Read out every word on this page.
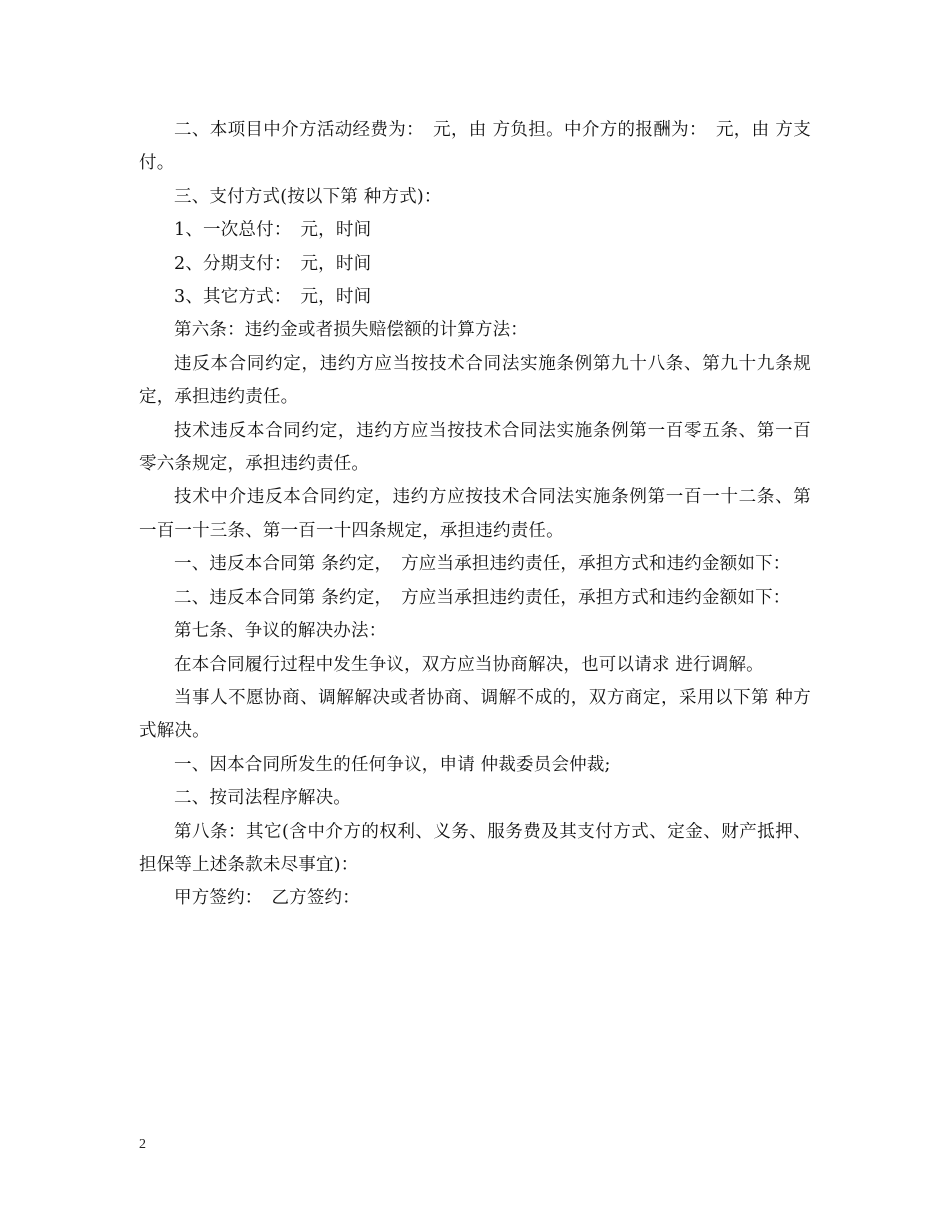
二、本项目中介方活动经费为：　元，由 方负担。中介方的报酬为：　元，由 方支付。

三、支付方式(按以下第 种方式)：

1、一次总付：　元，时间

2、分期支付：　元，时间

3、其它方式：　元，时间

第六条：违约金或者损失赔偿额的计算方法：

违反本合同约定，违约方应当按技术合同法实施条例第九十八条、第九十九条规定，承担违约责任。

技术违反本合同约定，违约方应当按技术合同法实施条例第一百零五条、第一百零六条规定，承担违约责任。

技术中介违反本合同约定，违约方应按技术合同法实施条例第一百一十二条、第一百一十三条、第一百一十四条规定，承担违约责任。

一、违反本合同第 条约定，　方应当承担违约责任，承担方式和违约金额如下：

二、违反本合同第 条约定，　方应当承担违约责任，承担方式和违约金额如下：

第七条、争议的解决办法：

在本合同履行过程中发生争议，双方应当协商解决，也可以请求 进行调解。

当事人不愿协商、调解解决或者协商、调解不成的，双方商定，采用以下第 种方式解决。

一、因本合同所发生的任何争议，申请 仲裁委员会仲裁;

二、按司法程序解决。

第八条：其它(含中介方的权利、义务、服务费及其支付方式、定金、财产抵押、担保等上述条款未尽事宜)：

甲方签约：　乙方签约：

2
